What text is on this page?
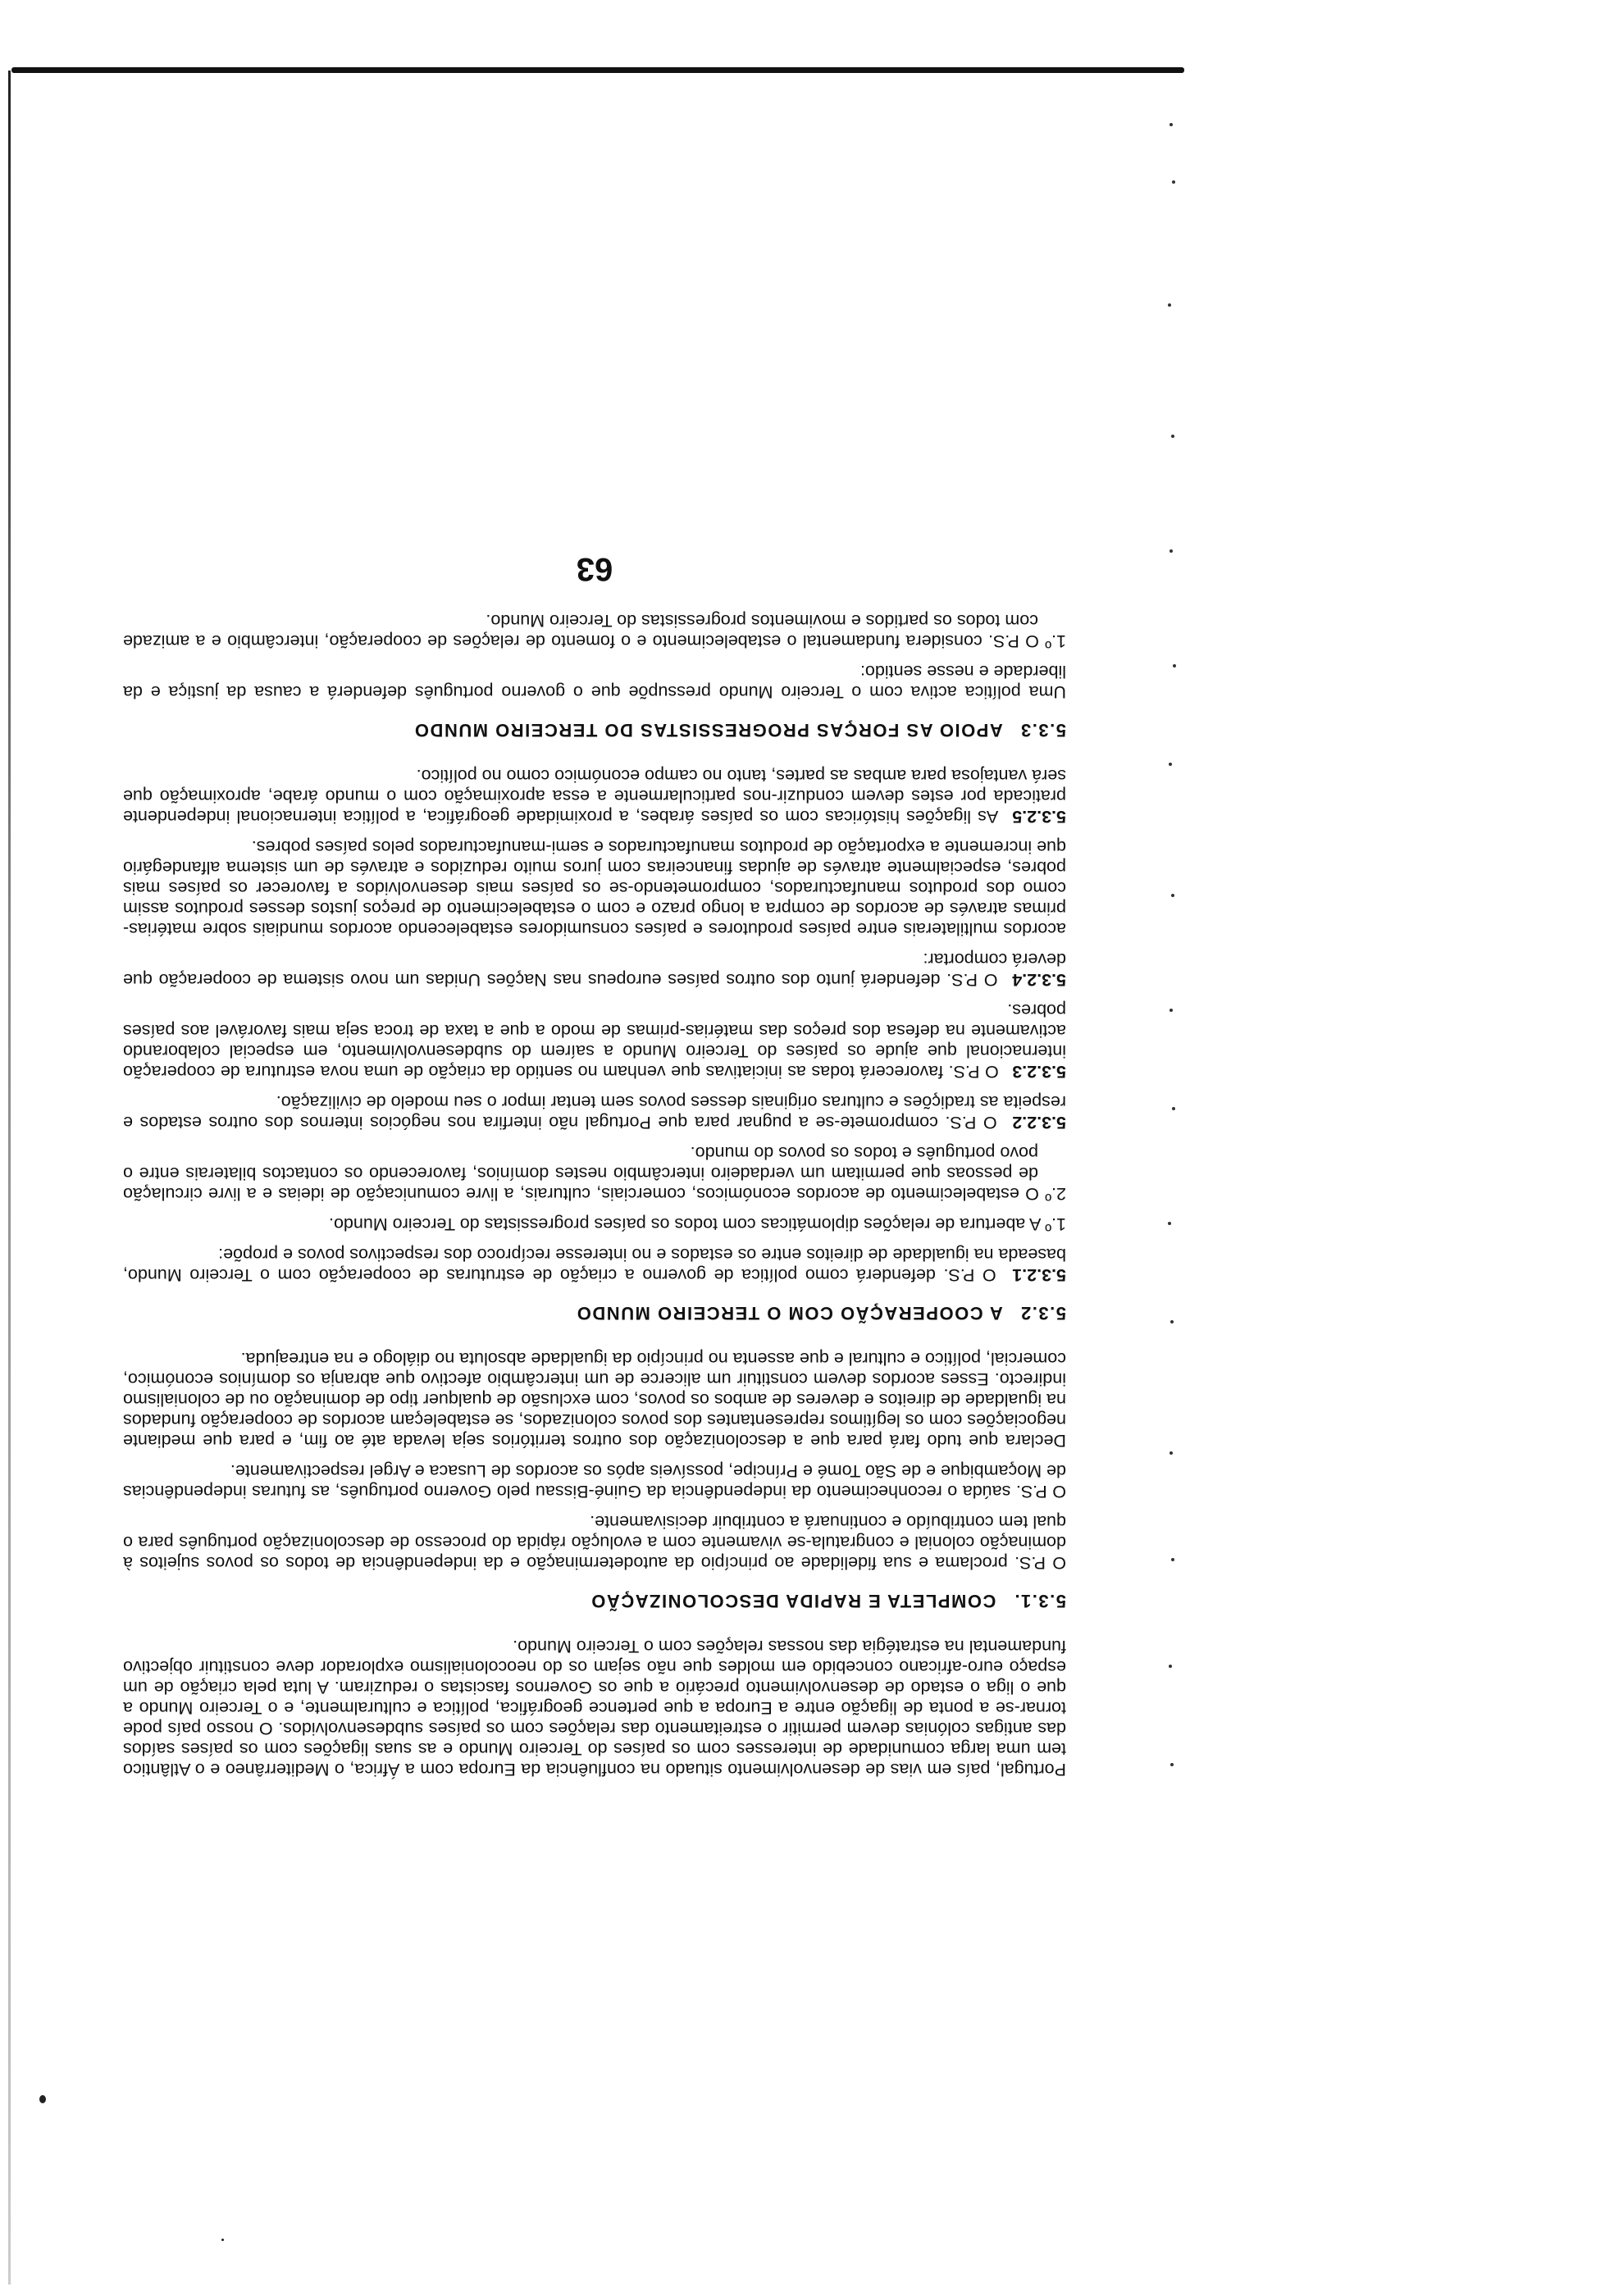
Portugal, país em vias de desenvolvimento situado na confluência da Europa com a África, o Mediterrâneo e o Atlântico tem uma larga comunidade de interesses com os países do Terceiro Mundo e as suas ligações com os países saídos das antigas colónias devem permitir o estreitamento das relações com os países subdesenvolvidos. O nosso país pode tornar-se a ponta de ligação entre a Europa a que pertence geográfica, política e culturalmente, e o Terceiro Mundo a que o liga o estado de desenvolvimento precário a que os Governos fascistas o reduziram. A luta pela criação de um espaço euro-africano concebido em moldes que não sejam os do neocolonialismo explorador deve constituir objectivo fundamental na estratégia das nossas relações com o Terceiro Mundo.

5.3.1. COMPLETA E RAPIDA DESCOLONIZAÇÃO

O P.S. proclama e sua fidelidade ao princípio da autodeterminação e da independência de todos os povos sujeitos à dominação colonial e congratula-se vivamente com a evolução rápida do processo de descolonização português para o qual tem contribuído e continuará a contribuir decisivamente.

O P.S. saúda o reconhecimento da independência da Guiné-Bissau pelo Governo português, as futuras independências de Moçambique e de São Tomé e Príncipe, possíveis após os acordos de Lusaca e Argel respectivamente.

Declara que tudo fará para que a descolonização dos outros territórios seja levada até ao fim, e para que mediante negociações com os legítimos representantes dos povos colonizados, se estabeleçam acordos de cooperação fundados na igualdade de direitos e deveres de ambos os povos, com exclusão de qualquer tipo de dominação ou de colonialismo indirecto. Esses acordos devem constituir um alicerce de um intercâmbio afectivo que abranja os domínios económico, comercial, político e cultural e que assenta no princípio da igualdade absoluta no diálogo e na entreajuda.

5.3.2 A COOPERAÇÃO COM O TERCEIRO MUNDO
5.3.2.1 O P.S. defenderá como política de governo a criação de estruturas de cooperação com o Terceiro Mundo, baseada na igualdade de direitos entre os estados e no interesse recíproco dos respectivos povos e propõe:

1.º A abertura de relações diplomáticas com todos os países progressistas do Terceiro Mundo.

2.º O estabelecimento de acordos económicos, comerciais, culturais, a livre comunicação de ideias e a livre circulação de pessoas que permitam um verdadeiro intercâmbio nestes domínios, favorecendo os contactos bilaterais entre o povo português e todos os povos do mundo.

5.3.2.2 O P.S. compromete-se a pugnar para que Portugal não interfira nos negócios internos dos outros estados e respeita as tradições e culturas originais desses povos sem tentar impor o seu modelo de civilização.
5.3.2.3 O P.S. favorecerá todas as iniciativas que venham no sentido da criação de uma nova estrutura de cooperação internacional que ajude os países do Terceiro Mundo a saírem do subdesenvolvimento, em especial colaborando activamente na defesa dos preços das matérias-primas de modo a que a taxa de troca seja mais favorável aos países pobres.
5.3.2.4 O P.S. defenderá junto dos outros países europeus nas Nações Unidas um novo sistema de cooperação que deverá comportar:

acordos multilaterais entre países produtores e países consumidores estabelecendo acordos mundiais sobre matérias-primas através de acordos de compra a longo prazo e com o estabelecimento de preços justos desses produtos assim como dos produtos manufacturados, comprometendo-se os países mais desenvolvidos a favorecer os países mais pobres, especialmente através de ajudas financeiras com juros muito reduzidos e através de um sistema alfandegário que incremente a exportação de produtos manufacturados e semi-manufacturados pelos países pobres.

5.3.2.5 As ligações históricas com os países árabes, a proximidade geográfica, a política internacional independente praticada por estes devem conduzir-nos particularmente a essa aproximação com o mundo árabe, aproximação que será vantajosa para ambas as partes, tanto no campo económico como no político.
5.3.3 APOIO AS FORÇAS PROGRESSISTAS DO TERCEIRO MUNDO

Uma política activa com o Terceiro Mundo pressupõe que o governo português defenderá a causa da justiça e da liberdade e nesse sentido:

1.º O P.S. considera fundamental o estabelecimento e o fomento de relações de cooperação, intercâmbio e a amizade com todos os partidos e movimentos progressistas do Terceiro Mundo.

63
